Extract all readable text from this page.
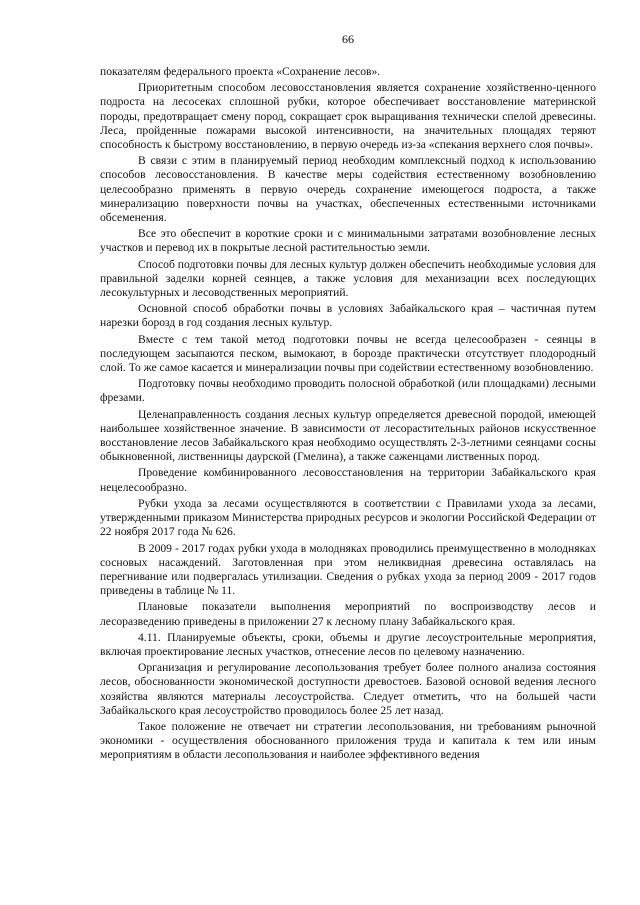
66

показателям федерального проекта «Сохранение лесов».

Приоритетным способом лесовосстановления является сохранение хозяйственно-ценного подроста на лесосеках сплошной рубки, которое обеспечивает восстановление материнской породы, предотвращает смену пород, сокращает срок выращивания технически спелой древесины. Леса, пройденные пожарами высокой интенсивности, на значительных площадях теряют способность к быстрому восстановлению, в первую очередь из-за «спекания верхнего слоя почвы».

В связи с этим в планируемый период необходим комплексный подход к использованию способов лесовосстановления. В качестве меры содействия естественному возобновлению целесообразно применять в первую очередь сохранение имеющегося подроста, а также минерализацию поверхности почвы на участках, обеспеченных естественными источниками обсеменения.

Все это обеспечит в короткие сроки и с минимальными затратами возобновление лесных участков и перевод их в покрытые лесной растительностью земли.

Способ подготовки почвы для лесных культур должен обеспечить необходимые условия для правильной заделки корней сеянцев, а также условия для механизации всех последующих лесокультурных и лесоводственных мероприятий.

Основной способ обработки почвы в условиях Забайкальского края – частичная путем нарезки борозд в год создания лесных культур.

Вместе с тем такой метод подготовки почвы не всегда целесообразен - сеянцы в последующем засыпаются песком, вымокают, в борозде практически отсутствует плодородный слой. То же самое касается и минерализации почвы при содействии естественному возобновлению.

Подготовку почвы необходимо проводить полосной обработкой (или площадками) лесными фрезами.

Целенаправленность создания лесных культур определяется древесной породой, имеющей наибольшее хозяйственное значение. В зависимости от лесорастительных районов искусственное восстановление лесов Забайкальского края необходимо осуществлять 2-3-летними сеянцами сосны обыкновенной, лиственницы даурской (Гмелина), а также саженцами лиственных пород.

Проведение комбинированного лесовосстановления на территории Забайкальского края нецелесообразно.

Рубки ухода за лесами осуществляются в соответствии с Правилами ухода за лесами, утвержденными приказом Министерства природных ресурсов и экологии Российской Федерации от 22 ноября 2017 года № 626.

В 2009 - 2017 годах рубки ухода в молодняках проводились преимущественно в молодняках сосновых насаждений. Заготовленная при этом неликвидная древесина оставлялась на перегнивание или подвергалась утилизации. Сведения о рубках ухода за период 2009 - 2017 годов приведены в таблице № 11.

Плановые показатели выполнения мероприятий по воспроизводству лесов и лесоразведению приведены в приложении 27 к лесному плану Забайкальского края.

4.11. Планируемые объекты, сроки, объемы и другие лесоустроительные мероприятия, включая проектирование лесных участков, отнесение лесов по целевому назначению.

Организация и регулирование лесопользования требует более полного анализа состояния лесов, обоснованности экономической доступности древостоев. Базовой основой ведения лесного хозяйства являются материалы лесоустройства. Следует отметить, что на большей части Забайкальского края лесоустройство проводилось более 25 лет назад.

Такое положение не отвечает ни стратегии лесопользования, ни требованиям рыночной экономики - осуществления обоснованного приложения труда и капитала к тем или иным мероприятиям в области лесопользования и наиболее эффективного ведения
